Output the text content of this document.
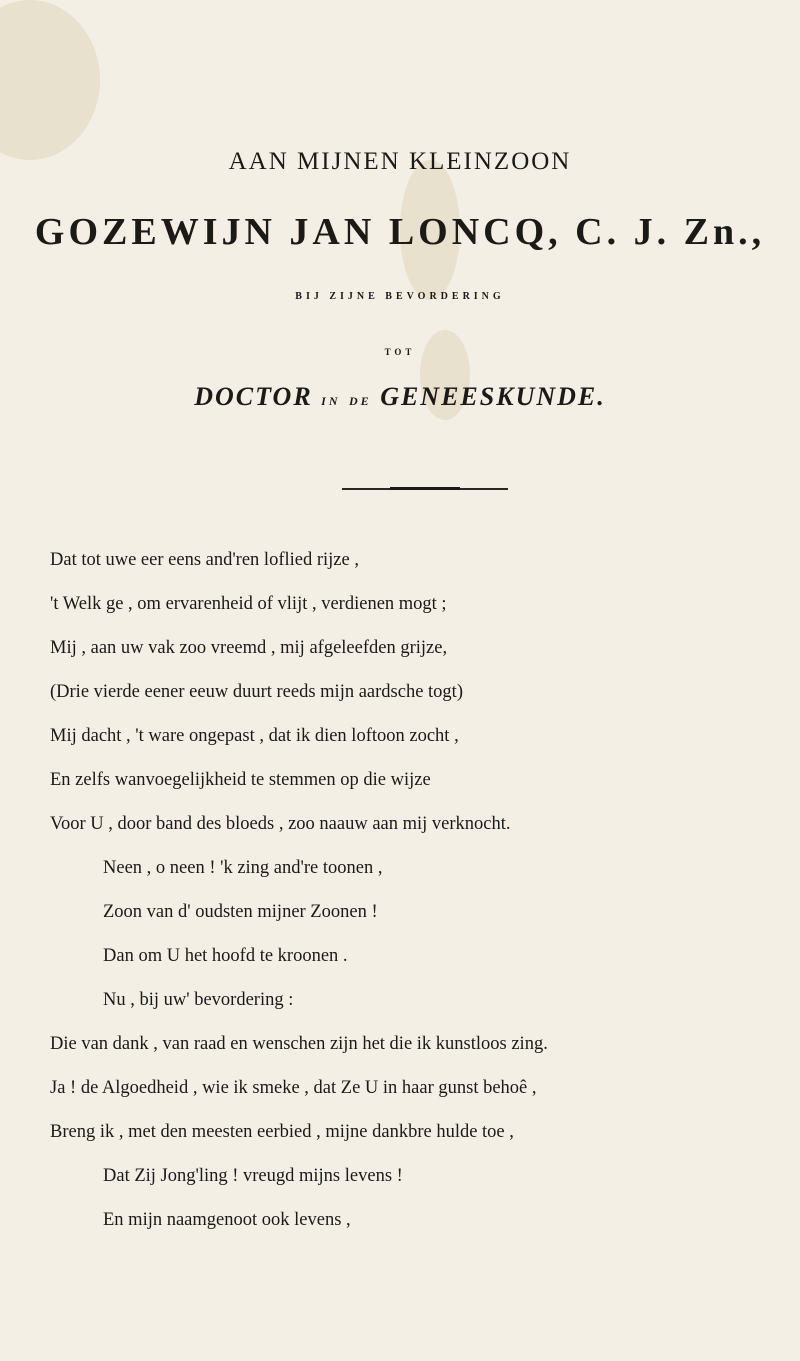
AAN MIJNEN KLEINZOON
GOZEWIJN JAN LONCQ, C. J. Zn.,
BIJ ZIJNE BEVORDERING
TOT
DOCTOR IN DE GENEESKUNDE.
Dat tot uwe eer eens and'ren loflied rijze ,
't Welk ge , om ervarenheid of vlijt , verdienen mogt ;
Mij , aan uw vak zoo vreemd , mij afgeleefden grijze,
(Drie vierde eener eeuw duurt reeds mijn aardsche togt)
Mij dacht , 't ware ongepast , dat ik dien loftoon zocht ,
En zelfs wanvoegelijkheid te stemmen op die wijze
Voor U , door band des bloeds , zoo naauw aan mij verknocht.
Neen , o neen ! 'k zing and're toonen ,
Zoon van d' oudsten mijner Zoonen !
Dan om U het hoofd te kroonen .
Nu , bij uw' bevordering :
Die van dank , van raad en wenschen zijn het die ik kunstloos zing.
Ja ! de Algoedheid , wie ik smeke , dat Ze U in haar gunst behoê ,
Breng ik , met den meesten eerbied , mijne dankbre hulde toe ,
Dat Zij Jong'ling ! vreugd mijns levens !
En mijn naamgenoot ook levens ,
